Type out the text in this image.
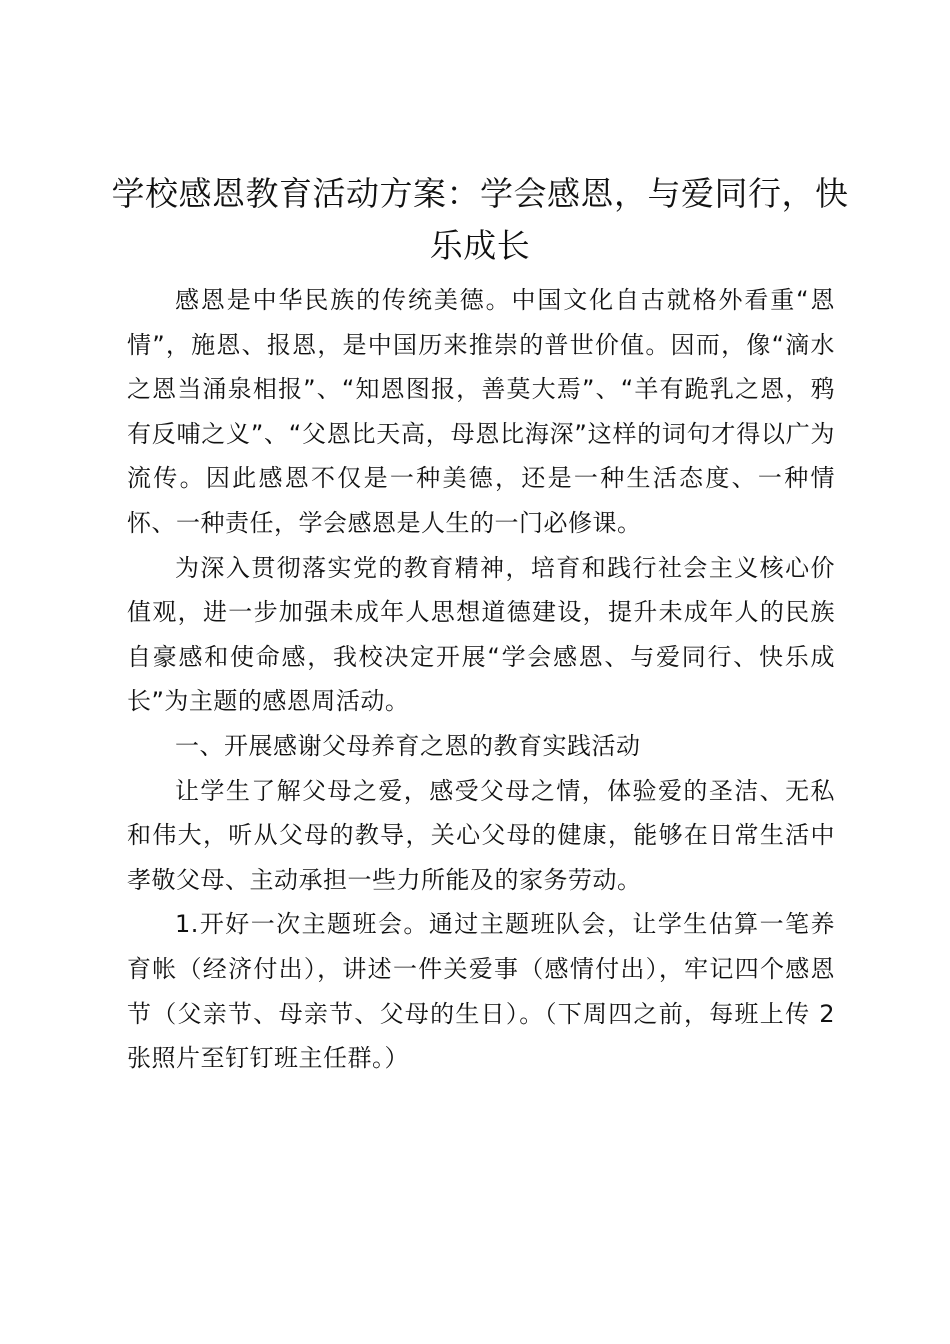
学校感恩教育活动方案：学会感恩，与爱同行，快乐成长

感恩是中华民族的传统美德。中国文化自古就格外看重“恩情”，施恩、报恩，是中国历来推崇的普世价值。因而，像“滴水之恩当涌泉相报”、“知恩图报，善莫大焉”、“羊有跪乳之恩，鸦有反哺之义”、“父恩比天高，母恩比海深”这样的词句才得以广为流传。因此感恩不仅是一种美德，还是一种生活态度、一种情怀、一种责任，学会感恩是人生的一门必修课。

为深入贯彻落实党的教育精神，培育和践行社会主义核心价值观，进一步加强未成年人思想道德建设，提升未成年人的民族自豪感和使命感，我校决定开展“学会感恩、与爱同行、快乐成长”为主题的感恩周活动。

一、开展感谢父母养育之恩的教育实践活动

让学生了解父母之爱，感受父母之情，体验爱的圣洁、无私和伟大，听从父母的教导，关心父母的健康，能够在日常生活中孝敬父母、主动承担一些力所能及的家务劳动。

1.开好一次主题班会。通过主题班队会，让学生估算一笔养育帐（经济付出），讲述一件关爱事（感情付出），牢记四个感恩节（父亲节、母亲节、父母的生日）。（下周四之前，每班上传 2 张照片至钉钉班主任群。）
